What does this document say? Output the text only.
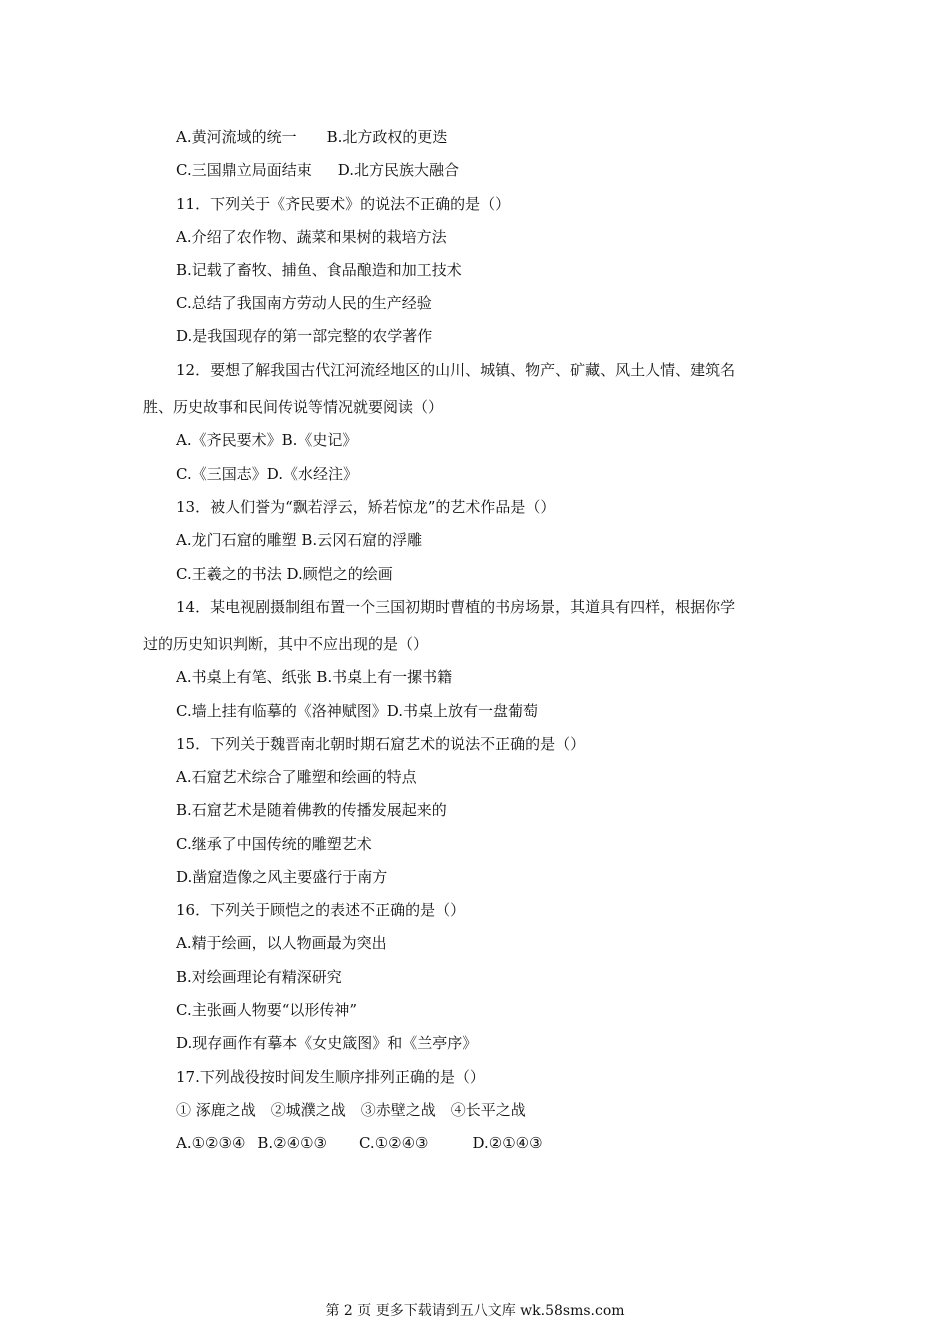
A.黄河流域的统一 B.北方政权的更迭
C.三国鼎立局面结束 D.北方民族大融合
11．下列关于《齐民要术》的说法不正确的是（）
A.介绍了农作物、蔬菜和果树的栽培方法
B.记载了畜牧、捕鱼、食品酿造和加工技术
C.总结了我国南方劳动人民的生产经验
D.是我国现存的第一部完整的农学著作
12．要想了解我国古代江河流经地区的山川、城镇、物产、矿藏、风土人情、建筑名
胜、历史故事和民间传说等情况就要阅读（）
A.《齐民要术》B.《史记》
C.《三国志》D.《水经注》
13．被人们誉为“飘若浮云，矫若惊龙”的艺术作品是（）
A.龙门石窟的雕塑 B.云冈石窟的浮雕
C.王羲之的书法 D.顾恺之的绘画
14．某电视剧摄制组布置一个三国初期时曹植的书房场景，其道具有四样，根据你学
过的历史知识判断，其中不应出现的是（）
A.书桌上有笔、纸张 B.书桌上有一摞书籍
C.墙上挂有临摹的《洛神赋图》D.书桌上放有一盘葡萄
15．下列关于魏晋南北朝时期石窟艺术的说法不正确的是（）
A.石窟艺术综合了雕塑和绘画的特点
B.石窟艺术是随着佛教的传播发展起来的
C.继承了中国传统的雕塑艺术
D.凿窟造像之风主要盛行于南方
16．下列关于顾恺之的表述不正确的是（）
A.精于绘画，以人物画最为突出
B.对绘画理论有精深研究
C.主张画人物要“以形传神”
D.现存画作有摹本《女史箴图》和《兰亭序》
17.下列战役按时间发生顺序排列正确的是（）
① 涿鹿之战　②城濮之战　③赤壁之战　④长平之战
A.①②③④ B.②④①③ C.①②④③	D.②①④③
第 2 页 更多下载请到五八文库 wk.58sms.com
